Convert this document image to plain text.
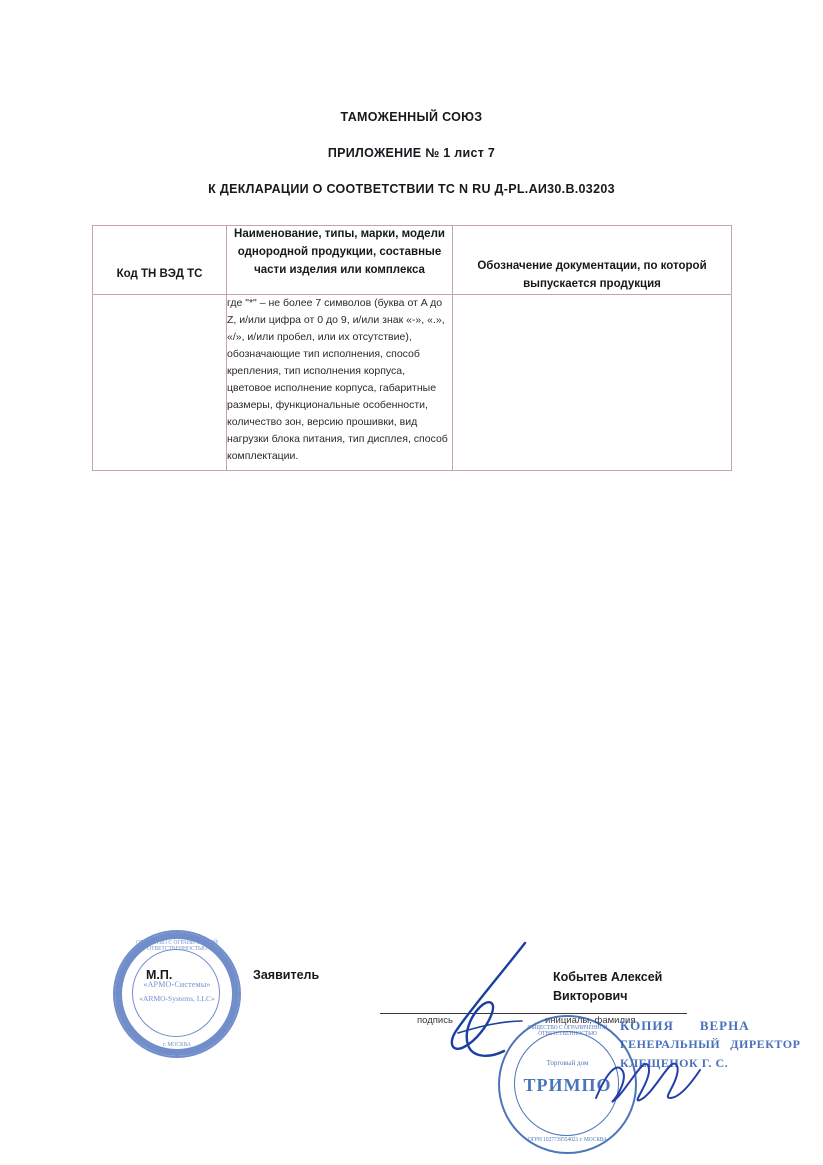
ТАМОЖЕННЫЙ СОЮЗ
ПРИЛОЖЕНИЕ № 1 лист 7
К ДЕКЛАРАЦИИ О СООТВЕТСТВИИ ТС N RU Д-PL.АИ30.В.03203
Код ТН ВЭД ТС	Наименование, типы, марки, модели однородной продукции, составные части изделия или комплекса	Обозначение документации, по которой выпускается продукция
	где "*" – не более 7 символов (буква от A до Z, и/или цифра от 0 до 9, и/или знак «-», «.», «/», и/или пробел, или их отсутствие), обозначающие тип исполнения, способ крепления, тип исполнения корпуса, цветовое исполнение корпуса, габаритные размеры, функциональные особенности, количество зон, версию прошивки, вид нагрузки блока питания, тип дисплея, способ комплектации.	
М.П.	Заявитель
подпись	инициалы, фамилия
Кобытев Алексей Викторович
ОБЩЕСТВО С ОГРАНИЧЕННОЙ ОТВЕТСТВЕННОСТЬЮ
«АРМО-Системы»
«ARMO-Systems, LLC»
г. МОСКВА
ОБЩЕСТВО С ОГРАНИЧЕННОЙ ОТВЕТСТВЕННОСТЬЮ
Торговый дом
ТРИМПО
ОГРН 1027739554021 г. МОСКВА
КОПИЯ ВЕРНА
ГЕНЕРАЛЬНЫЙ ДИРЕКТОР
КЛЕЩЕНОК Г. С.
